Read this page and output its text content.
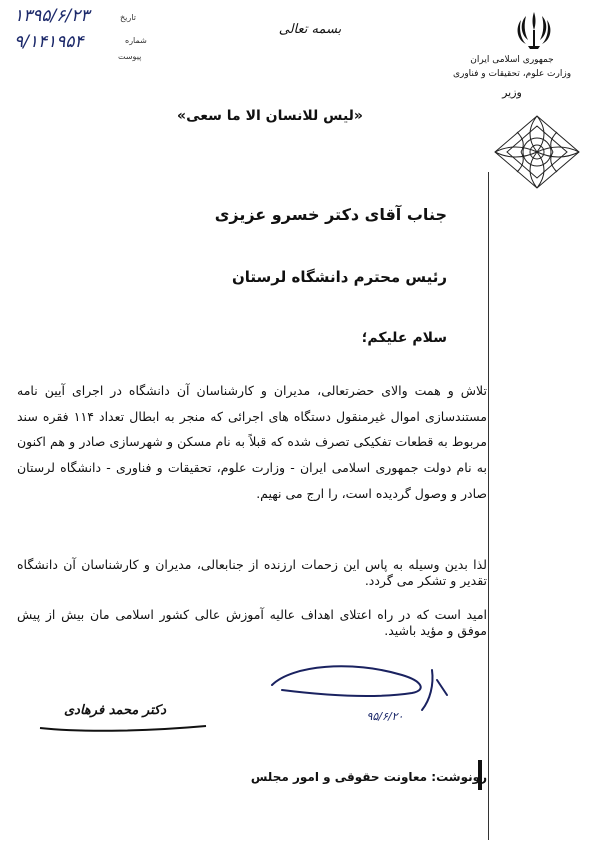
۱۳۹۵/۶/۲۳	تاریخ
۹/۱۴۱۹۵۴	شماره
پیوست
بسمه تعالی
جمهوری اسلامی ایران
وزارت علوم، تحقیقات و فناوری
وزیر
«لیس للانسان الا ما سعی»
جناب آقای دکتر خسرو عزیزی
رئیس محترم دانشگاه لرستان
سلام علیکم؛
تلاش و همت والای حضرتعالی، مدیران و کارشناسان آن دانشگاه در اجرای آیین نامه مستندسازی اموال غیرمنقول دستگاه های اجرائی که منجر به ابطال تعداد ۱۱۴ فقره سند مربوط به قطعات تفکیکی تصرف شده که قبلاً به نام مسکن و شهرسازی صادر و هم اکنون به نام دولت جمهوری اسلامی ایران - وزارت علوم، تحقیقات و فناوری - دانشگاه لرستان صادر و وصول گردیده است، را ارج می نهیم.
لذا بدین وسیله به پاس این زحمات ارزنده از جنابعالی، مدیران و کارشناسان آن دانشگاه تقدیر و تشکر می گردد.
امید است که در راه اعتلای اهداف عالیه آموزش عالی کشور اسلامی مان بیش از پیش موفق و مؤید باشید.
۹۵/۶/۲۰
دکتر محمد فرهادی
رونوشت: معاونت حقوقی و امور مجلس
